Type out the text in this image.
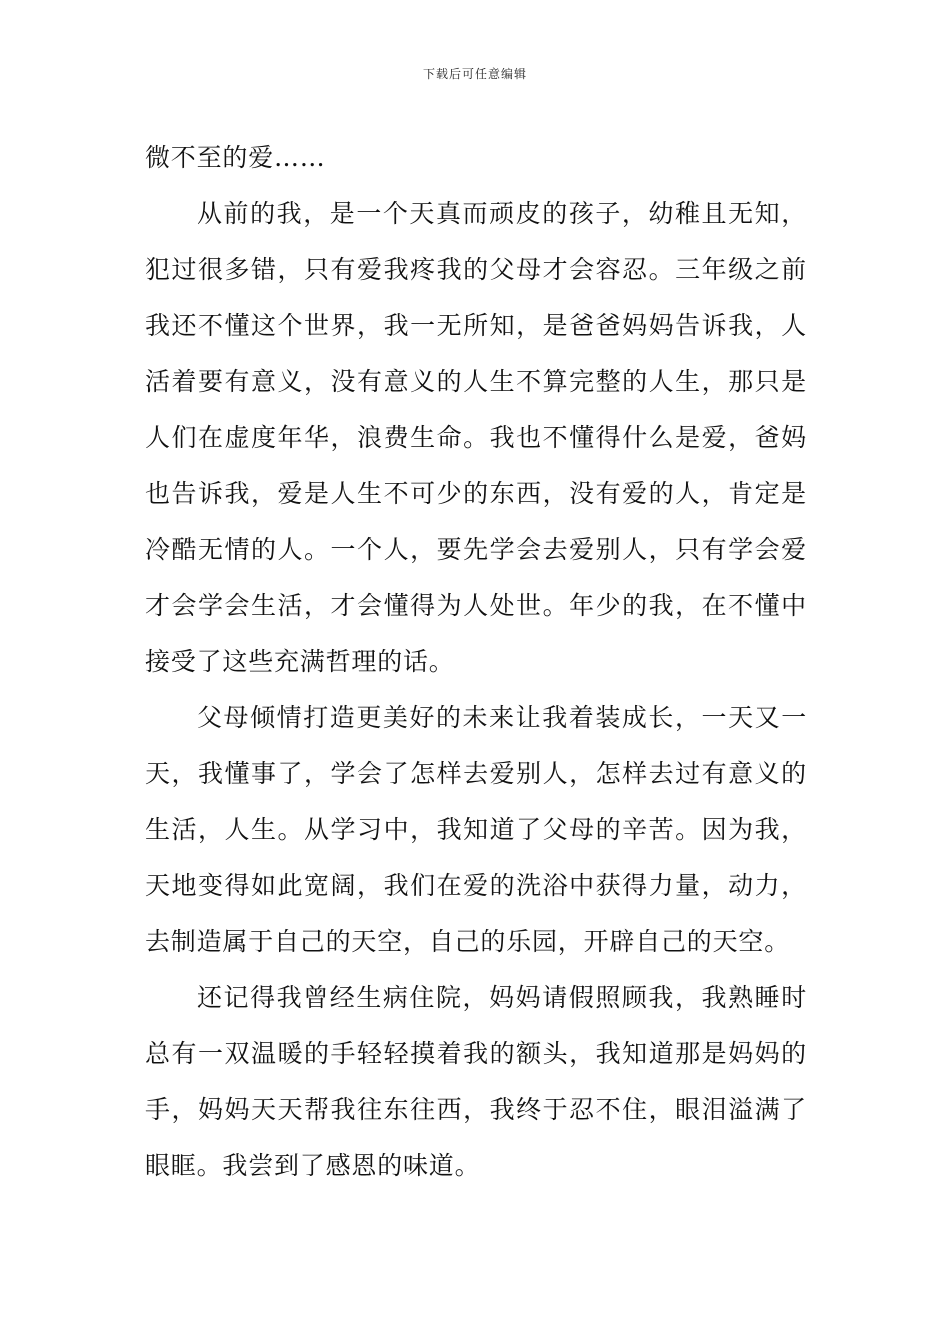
下载后可任意编辑

微不至的爱……

从前的我，是一个天真而顽皮的孩子，幼稚且无知，犯过很多错，只有爱我疼我的父母才会容忍。三年级之前我还不懂这个世界，我一无所知，是爸爸妈妈告诉我，人活着要有意义，没有意义的人生不算完整的人生，那只是人们在虚度年华，浪费生命。我也不懂得什么是爱，爸妈也告诉我，爱是人生不可少的东西，没有爱的人，肯定是冷酷无情的人。一个人，要先学会去爱别人，只有学会爱才会学会生活，才会懂得为人处世。年少的我，在不懂中接受了这些充满哲理的话。

父母倾情打造更美好的未来让我着装成长，一天又一天，我懂事了，学会了怎样去爱别人，怎样去过有意义的生活，人生。从学习中，我知道了父母的辛苦。因为我，天地变得如此宽阔，我们在爱的洗浴中获得力量，动力，去制造属于自己的天空，自己的乐园，开辟自己的天空。

还记得我曾经生病住院，妈妈请假照顾我，我熟睡时总有一双温暖的手轻轻摸着我的额头，我知道那是妈妈的手，妈妈天天帮我往东往西，我终于忍不住，眼泪溢满了眼眶。我尝到了感恩的味道。
